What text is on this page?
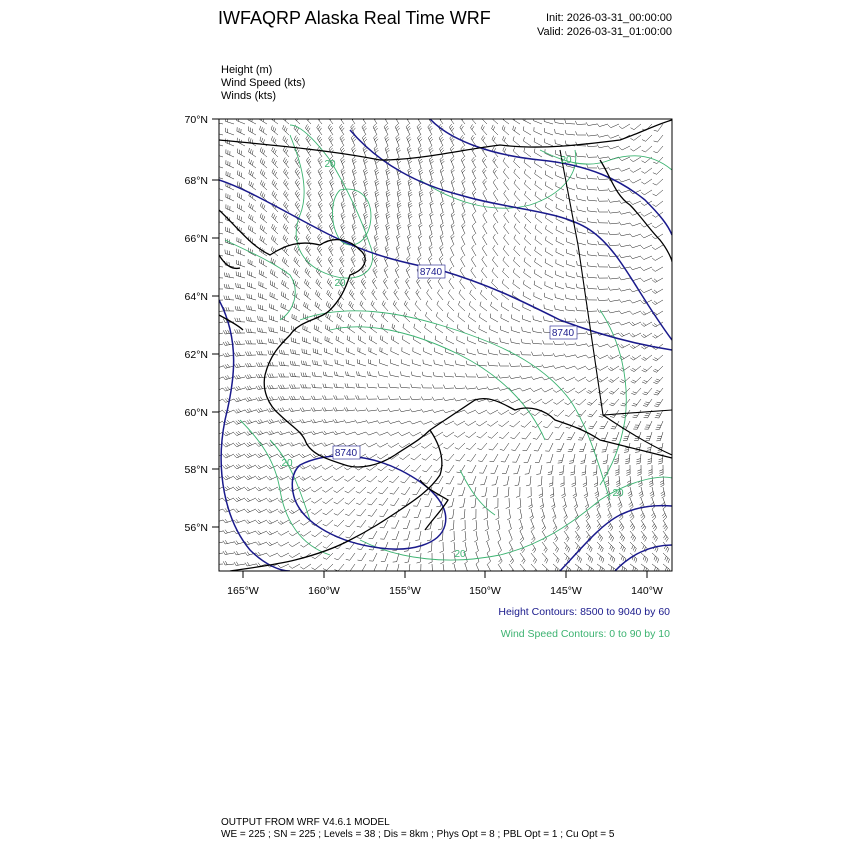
IWFAQRP Alaska Real Time WRF	Init: 2026-03-31_00:00:00
Valid: 2026-03-31_01:00:00
Height (m)
Wind Speed (kts)
Winds (kts)
70°N
68°N
66°N
64°N
62°N
60°N
58°N
56°N
165°W	160°W	155°W	150°W	145°W	140°W
8740
8740
8740
20	20
20
20
20
20
Height Contours: 8500 to 9040 by 60
Wind Speed Contours: 0 to 90 by 10
OUTPUT FROM WRF V4.6.1 MODEL
WE = 225 ; SN = 225 ; Levels = 38 ; Dis = 8km ; Phys Opt = 8 ; PBL Opt = 1 ; Cu Opt = 5
